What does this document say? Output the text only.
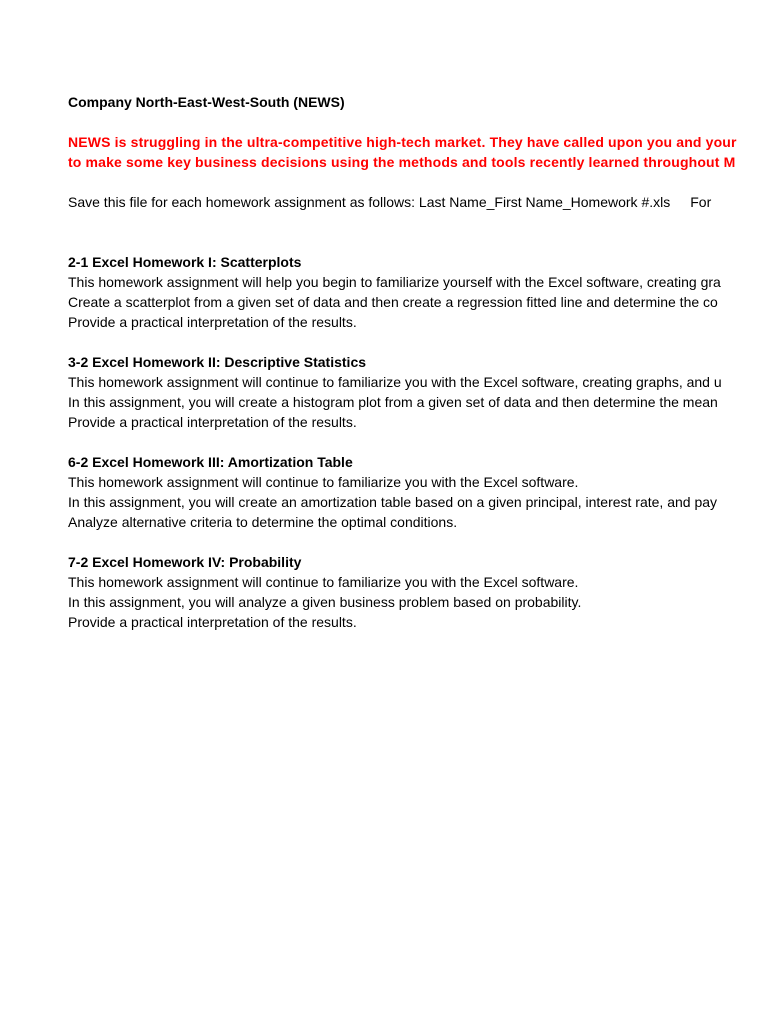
Company North-East-West-South (NEWS)
NEWS is struggling in the ultra-competitive high-tech market. They have called upon you and your
to make some key business decisions using the methods and tools recently learned throughout M
Save this file for each homework assignment as follows: Last Name_First Name_Homework #.xls For
2-1 Excel Homework I: Scatterplots
This homework assignment will help you begin to familiarize yourself with the Excel software, creating gra
Create a scatterplot from a given set of data and then create a regression fitted line and determine the co
Provide a practical interpretation of the results.
3-2 Excel Homework II: Descriptive Statistics
This homework assignment will continue to familiarize you with the Excel software, creating graphs, and u
In this assignment, you will create a histogram plot from a given set of data and then determine the mean
Provide a practical interpretation of the results.
6-2 Excel Homework III: Amortization Table
This homework assignment will continue to familiarize you with the Excel software.
In this assignment, you will create an amortization table based on a given principal, interest rate, and pay
Analyze alternative criteria to determine the optimal conditions.
7-2 Excel Homework IV: Probability
This homework assignment will continue to familiarize you with the Excel software.
In this assignment, you will analyze a given business problem based on probability.
Provide a practical interpretation of the results.
